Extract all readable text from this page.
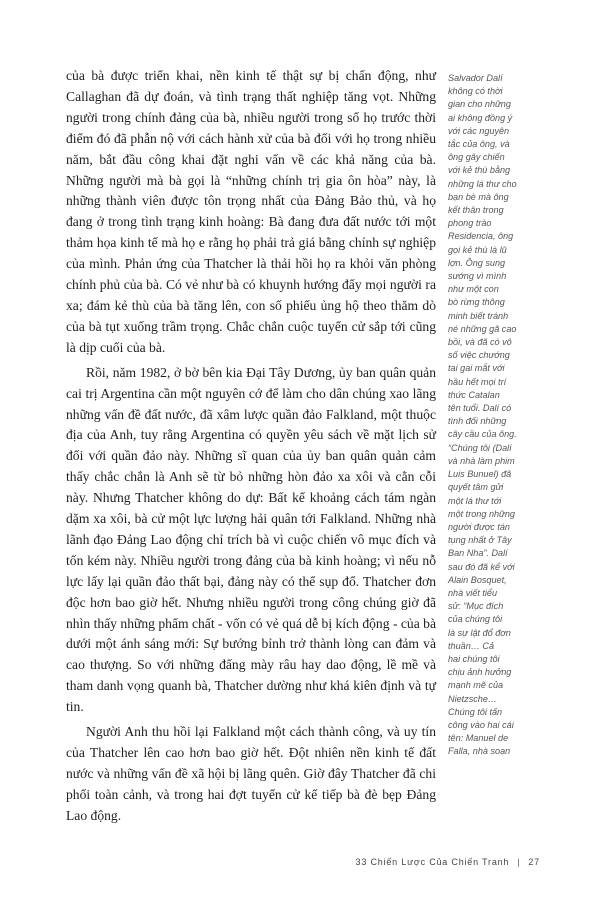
của bà được triển khai, nền kinh tế thật sự bị chấn động, như Callaghan đã dự đoán, và tình trạng thất nghiệp tăng vọt. Những người trong chính đảng của bà, nhiều người trong số họ trước thời điểm đó đã phẫn nộ với cách hành xử của bà đối với họ trong nhiều năm, bắt đầu công khai đặt nghi vấn về các khả năng của bà. Những người mà bà gọi là “những chính trị gia ôn hòa” này, là những thành viên được tôn trọng nhất của Đảng Bảo thủ, và họ đang ở trong tình trạng kinh hoàng: Bà đang đưa đất nước tới một thảm họa kinh tế mà họ e rằng họ phải trả giá bằng chính sự nghiệp của mình. Phản ứng của Thatcher là thải hồi họ ra khỏi văn phòng chính phủ của bà. Có vẻ như bà có khuynh hướng đẩy mọi người ra xa; đám kẻ thù của bà tăng lên, con số phiếu ủng hộ theo thăm dò của bà tụt xuống trầm trọng. Chắc chắn cuộc tuyển cử sắp tới cũng là dịp cuối của bà.

Rồi, năm 1982, ở bờ bên kia Đại Tây Dương, ủy ban quân quản cai trị Argentina cần một nguyên cớ để làm cho dân chúng xao lãng những vấn đề đất nước, đã xâm lược quần đảo Falkland, một thuộc địa của Anh, tuy rằng Argentina có quyền yêu sách về mặt lịch sử đối với quần đảo này. Những sĩ quan của ủy ban quân quản cảm thấy chắc chắn là Anh sẽ từ bỏ những hòn đảo xa xôi và cằn cỗi này. Nhưng Thatcher không do dự: Bất kể khoảng cách tám ngàn dặm xa xôi, bà cử một lực lượng hải quân tới Falkland. Những nhà lãnh đạo Đảng Lao động chỉ trích bà vì cuộc chiến vô mục đích và tốn kém này. Nhiều người trong đảng của bà kinh hoàng; vì nếu nỗ lực lấy lại quần đảo thất bại, đảng này có thể sụp đổ. Thatcher đơn độc hơn bao giờ hết. Nhưng nhiều người trong công chúng giờ đã nhìn thấy những phẩm chất - vốn có vẻ quá dễ bị kích động - của bà dưới một ánh sáng mới: Sự bướng bỉnh trở thành lòng can đảm và cao thượng. So với những đấng mày râu hay dao động, lề mề và tham danh vọng quanh bà, Thatcher dường như khá kiên định và tự tin.

Người Anh thu hồi lại Falkland một cách thành công, và uy tín của Thatcher lên cao hơn bao giờ hết. Đột nhiên nền kinh tế đất nước và những vấn đề xã hội bị lãng quên. Giờ đây Thatcher đã chi phối toàn cảnh, và trong hai đợt tuyển cử kế tiếp bà đè bẹp Đảng Lao động.

Salvador Dalí
không có thời
gian cho những
ai không đồng ý
với các nguyên
tắc của ông, và
ông gây chiến
với kẻ thù bằng
những lá thư cho
bạn bè mà ông
kết thân trong
phong trào
Residencia, ông
gọi kẻ thù là lũ
lợn. Ông sung
sướng vì mình
như một con
bò rừng thông
minh biết tránh
né những gã cao
bồi, và đã có vô
số việc chướng
tai gai mắt với
hầu hết mọi trí
thức Catalan
tên tuổi. Dalí có
tình đối những
cây cầu của ông.
“Chúng tôi (Dalí
và nhà làm phim
Luis Bunuel) đã
quyết tâm gửi
một lá thư tới
một trong những
người được tán
tụng nhất ở Tây
Ban Nha”. Dalí
sau đó đã kể với
Alain Bosquet,
nhà viết tiểu
sử: “Mục đích
của chúng tôi
là sự lật đổ đơn
thuần… Cả
hai chúng tôi
chịu ảnh hưởng
mạnh mẽ của
Nietzsche…
Chúng tôi tấn
công vào hai cái
tên: Manuel de
Falla, nhà soạn
33 Chiến Lược Của Chiến Tranh | 27
